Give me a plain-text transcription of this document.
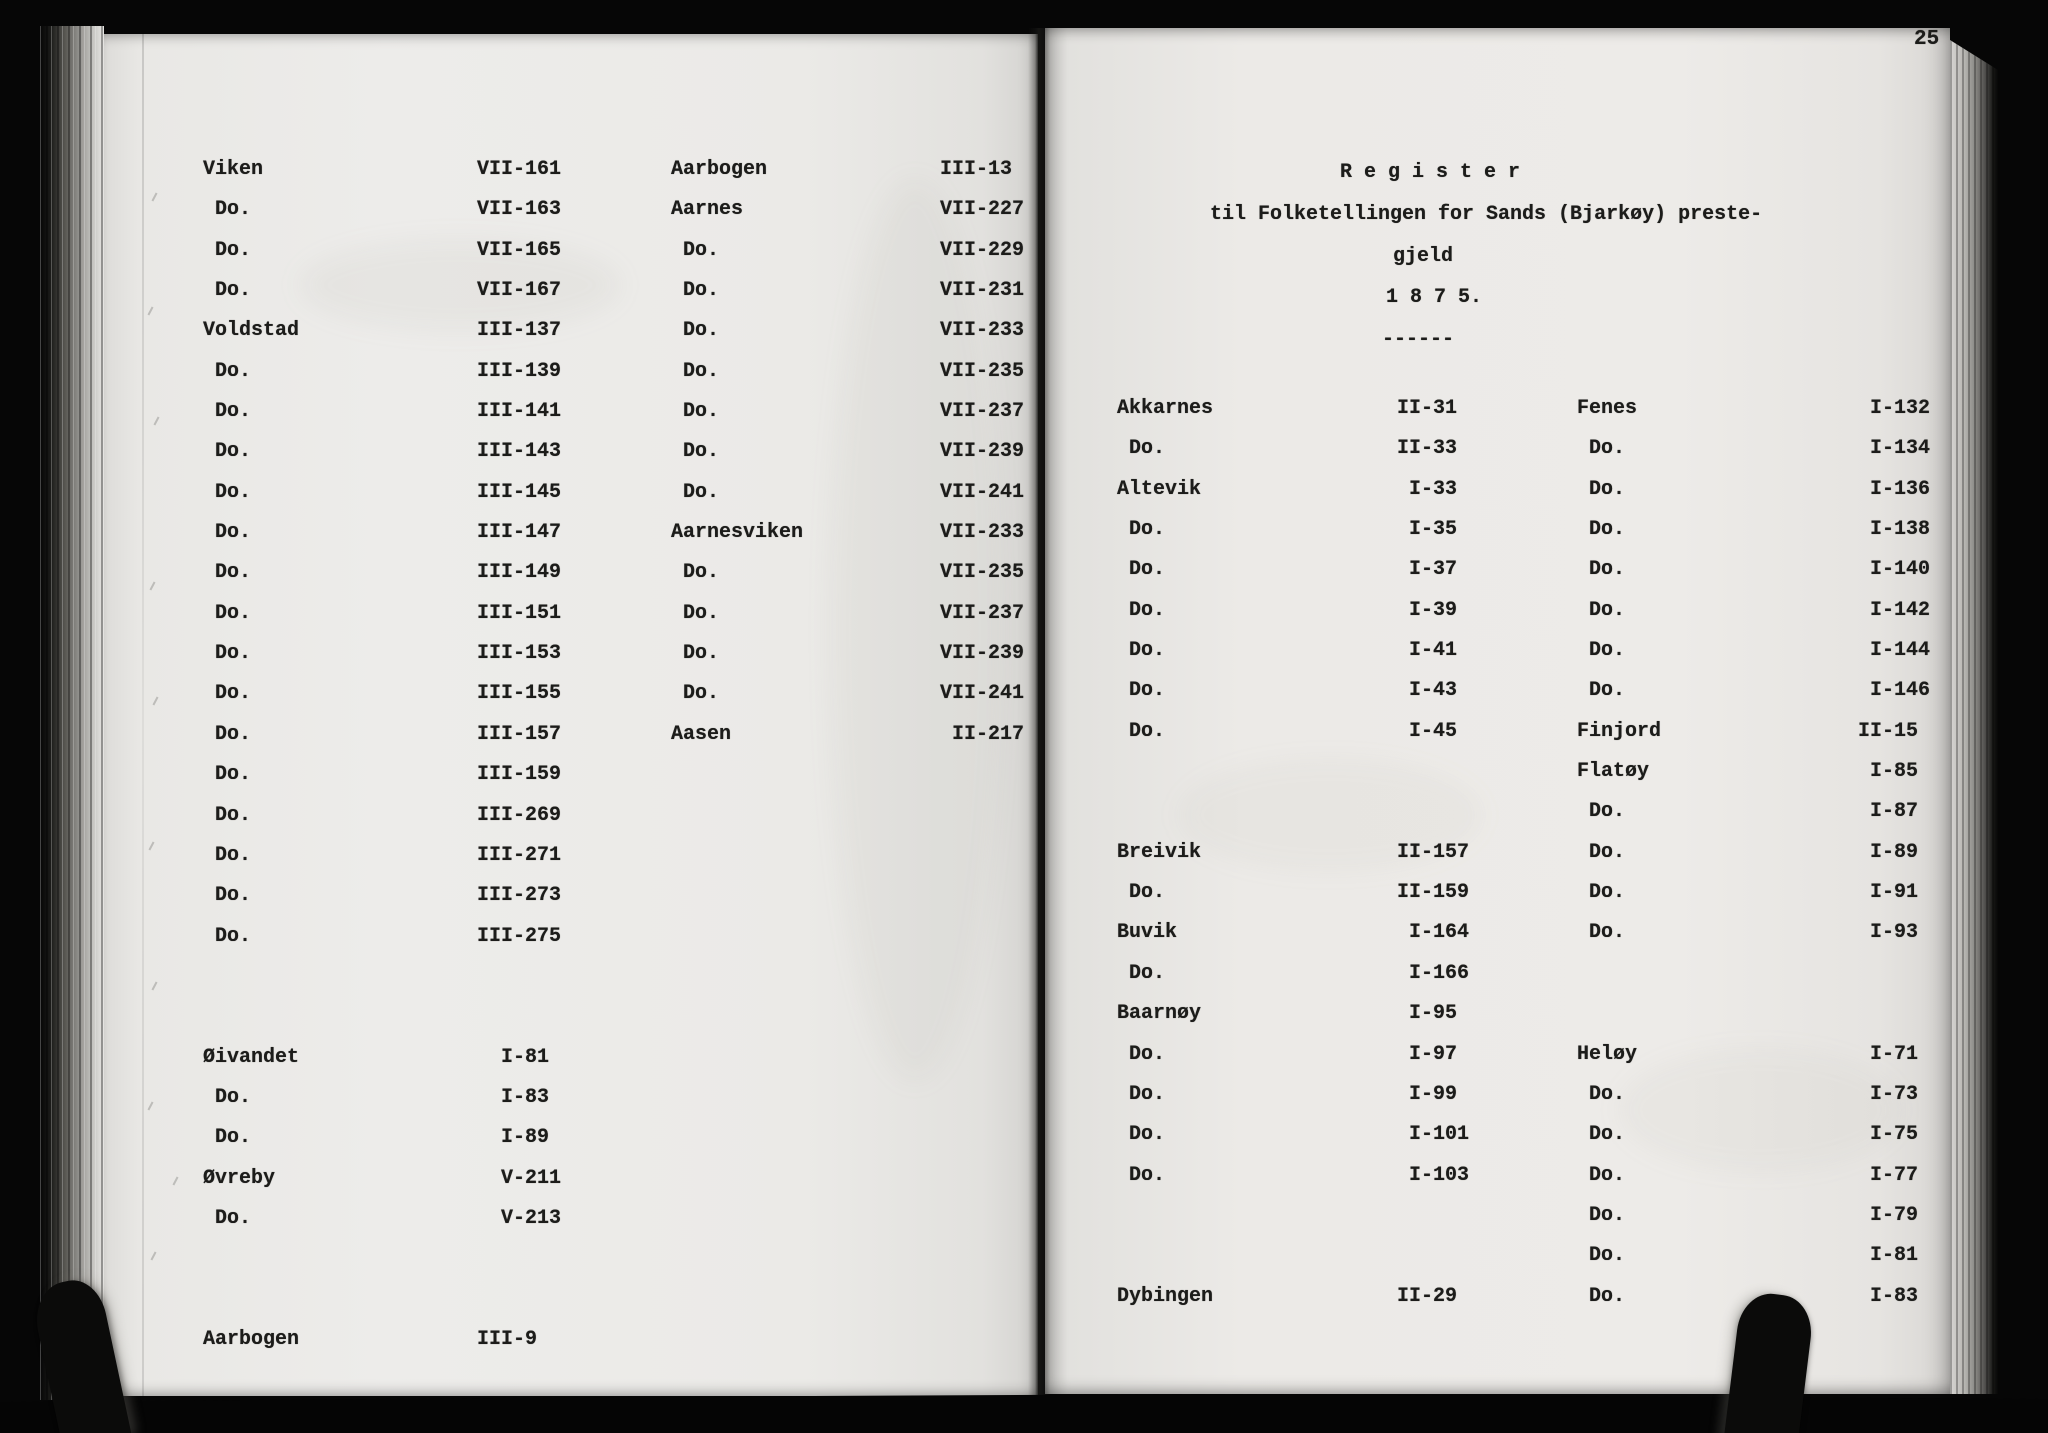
25
R e g i s t e r
til Folketellingen for Sands (Bjarkøy) preste-
gjeld
1 8 7 5.
------
Viken	VII - 161
Do.	VII - 163
Do.	VII - 165
Do.	VII - 167
Voldstad	III - 137
Do.	III - 139
Do.	III - 141
Do.	III - 143
Do.	III - 145
Do.	III - 147
Do.	III - 149
Do.	III - 151
Do.	III - 153
Do.	III - 155
Do.	III - 157
Do.	III - 159
Do.	III - 269
Do.	III - 271
Do.	III - 273
Do.	III - 275
Øivandet	I - 81
Do.	I - 83
Do.	I - 89
Øvreby	V - 211
Do.	V - 213
Aarbogen	III - 9
Aarbogen	III - 13
Aarnes	VII - 227
Do.	VII - 229
Do.	VII - 231
Do.	VII - 233
Do.	VII - 235
Do.	VII - 237
Do.	VII - 239
Do.	VII - 241
Aarnesviken	VII - 233
Do.	VII - 235
Do.	VII - 237
Do.	VII - 239
Do.	VII - 241
Aasen	II - 217
Akkarnes	II - 31
Do.	II - 33
Altevik	I - 33
Do.	I - 35
Do.	I - 37
Do.	I - 39
Do.	I - 41
Do.	I - 43
Do.	I - 45
Breivik	II - 157
Do.	II - 159
Buvik	I - 164
Do.	I - 166
Baarnøy	I - 95
Do.	I - 97
Do.	I - 99
Do.	I - 101
Do.	I - 103
Dybingen	II - 29
Fenes	I - 132
Do.	I - 134
Do.	I - 136
Do.	I - 138
Do.	I - 140
Do.	I - 142
Do.	I - 144
Do.	I - 146
Finjord	II - 15
Flatøy	I - 85
Do.	I - 87
Do.	I - 89
Do.	I - 91
Do.	I - 93
Heløy	I - 71
Do.	I - 73
Do.	I - 75
Do.	I - 77
Do.	I - 79
Do.	I - 81
Do.	I - 83
